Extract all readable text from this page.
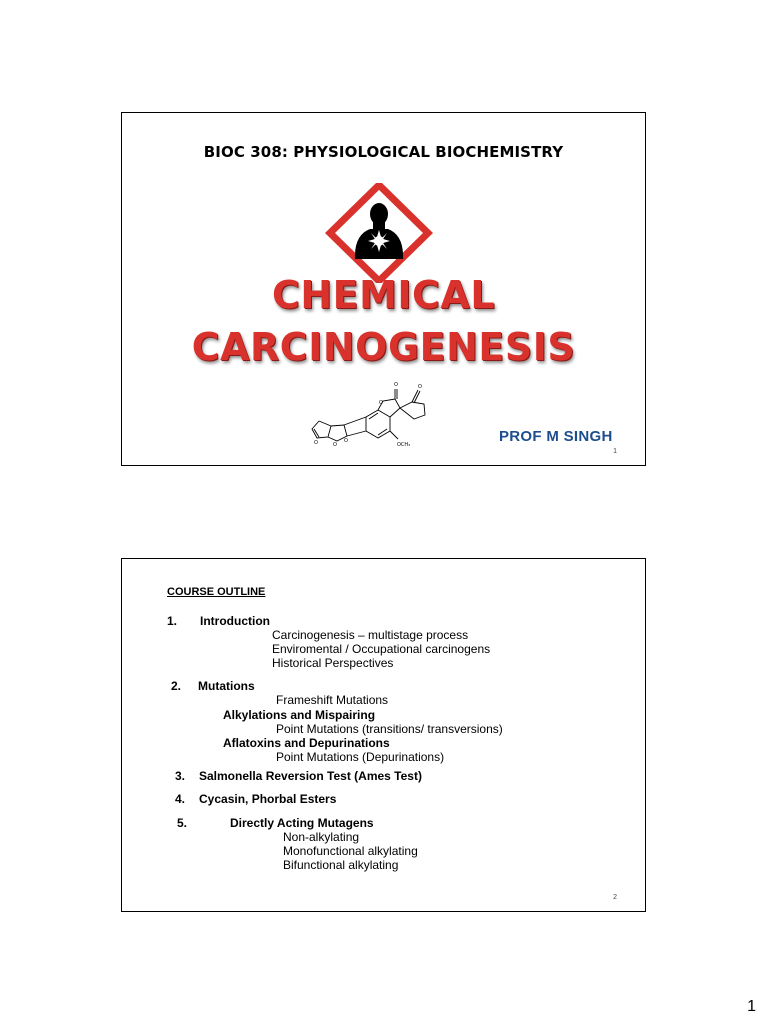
BIOC 308: PHYSIOLOGICAL BIOCHEMISTRY
CHEMICAL
CARCINOGENESIS
O	O
O
O
O	O
OCH₃	PROF M SINGH
1
COURSE OUTLINE
1. Introduction
Carcinogenesis – multistage process
Enviromental / Occupational carcinogens
Historical Perspectives
2. Mutations
Frameshift Mutations
Alkylations and Mispairing
Point Mutations (transitions/ transversions)
Aflatoxins and Depurinations
Point Mutations (Depurinations)
3. Salmonella Reversion Test (Ames Test)
4. Cycasin, Phorbal Esters
5.	Directly Acting Mutagens
Non-alkylating
Monofunctional alkylating
Bifunctional alkylating
2
1
